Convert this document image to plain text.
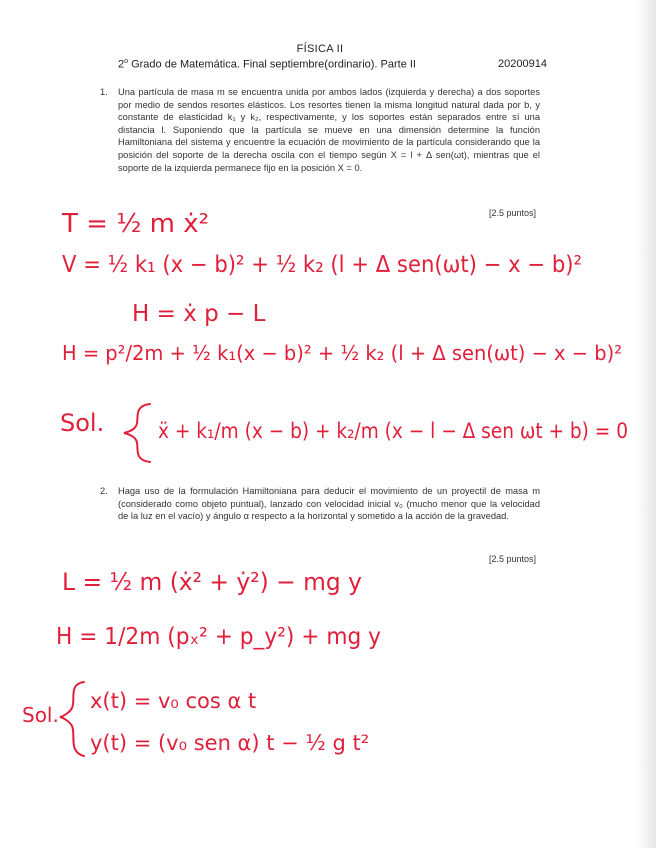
FÍSICA II
2$^o$ Grado de Matemática. Final septiembre(ordinario). Parte II	20200914
1. Una partícula de masa m se encuentra unida por ambos lados (izquierda y derecha) a dos soportes por medio de sendos resortes elásticos. Los resortes tienen la misma longitud natural dada por b, y constante de elasticidad k₁ y k₂, respectivamente, y los soportes están separados entre sí una distancia l. Suponiendo que la partícula se mueve en una dimensión determine la función Hamiltoniana del sistema y encuentre la ecuación de movimiento de la partícula considerando que la posición del soporte de la derecha oscila con el tiempo según X = l + Δ sen(ωt), mientras que el soporte de la izquierda permanece fijo en la posición X = 0.
[2.5 puntos]
2. Haga uso de la formulación Hamiltoniana para deducir el movimiento de un proyectil de masa m (considerado como objeto puntual), lanzado con velocidad inicial v₀ (mucho menor que la velocidad de la luz en el vacío) y ángulo α respecto a la horizontal y sometido a la acción de la gravedad.
[2.5 puntos]
T = ½ m ẋ²
V = ½ k₁ (x − b)² + ½ k₂ (l + Δ sen(ωt) − x − b)²
H = ẋ p − L
H = p²/2m + ½ k₁(x − b)² + ½ k₂ (l + Δ sen(ωt) − x − b)²
Sol.	ẍ + k₁/m (x − b) + k₂/m (x − l − Δ sen ωt + b) = 0
L = ½ m (ẋ² + ẏ²) − mg y
H = 1/2m (pₓ² + p_y²) + mg y
Sol.
x(t) = v₀ cos α t
y(t) = (v₀ sen α) t − ½ g t²
